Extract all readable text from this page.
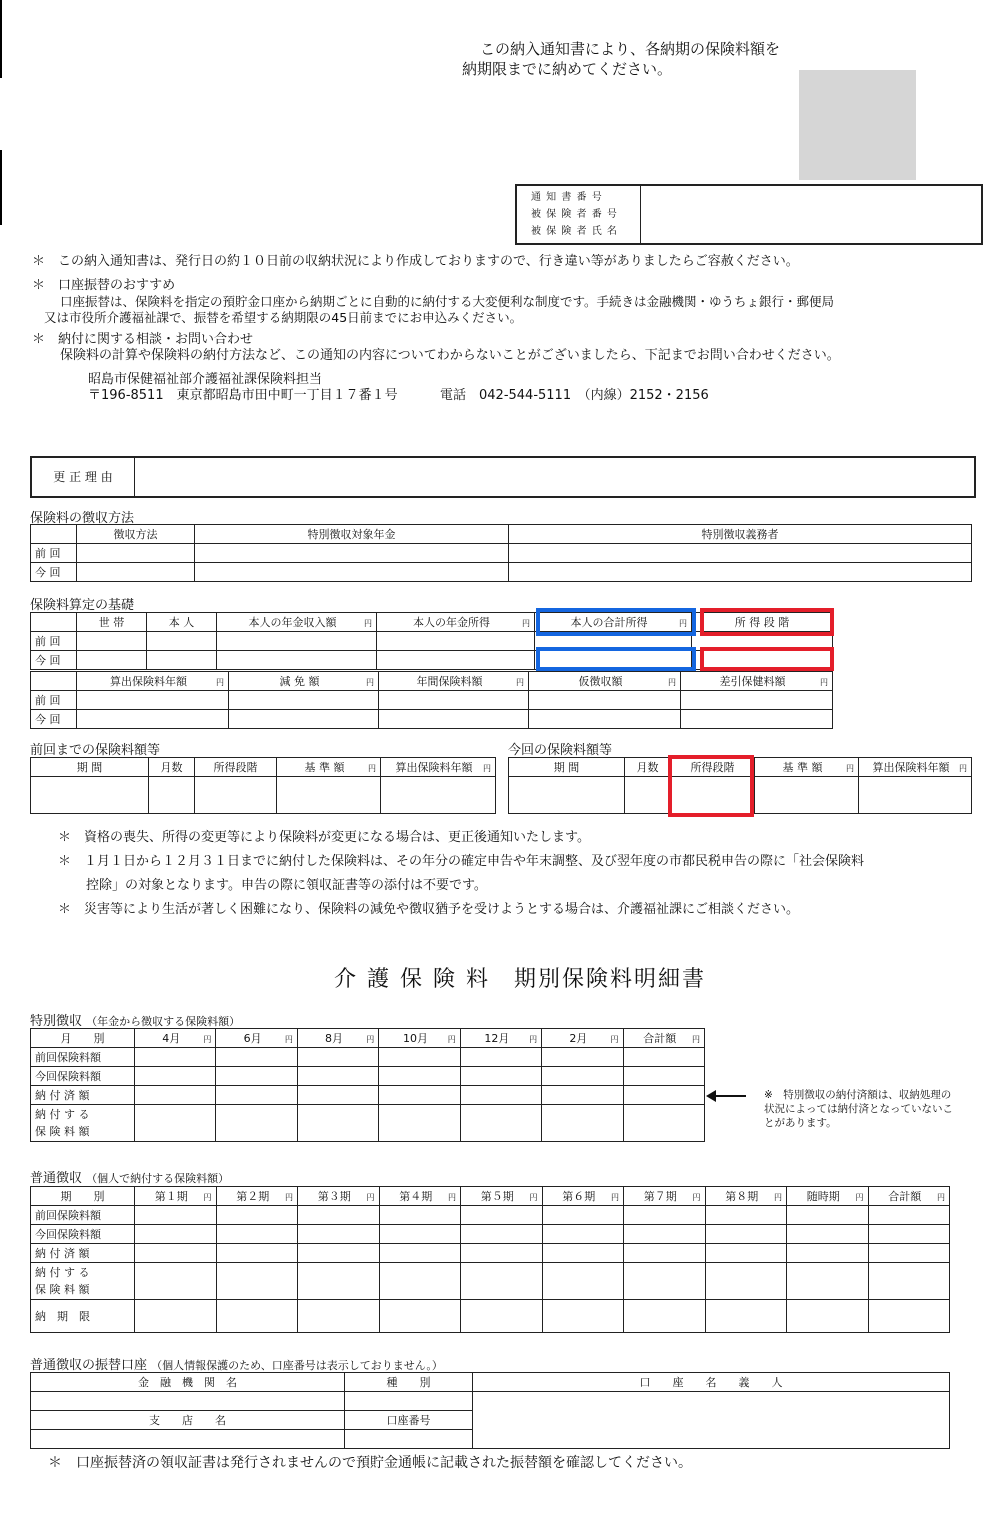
この納入通知書により、各納期の保険料額を
納期限までに納めてください。
通 知 書 番 号
被 保 険 者 番 号
被 保 険 者 氏 名
＊　この納入通知書は、発行日の約１０日前の収納状況により作成しておりますので、行き違い等がありましたらご容赦ください。
＊　口座振替のおすすめ
口座振替は、保険料を指定の預貯金口座から納期ごとに自動的に納付する大変便利な制度です。手続きは金融機関・ゆうちょ銀行・郵便局
又は市役所介護福祉課で、振替を希望する納期限の45日前までにお申込みください。
＊　納付に関する相談・お問い合わせ
保険料の計算や保険料の納付方法など、この通知の内容についてわからないことがございましたら、下記までお問い合わせください。
昭島市保健福祉部介護福祉課保険料担当
〒196-8511　東京都昭島市田中町一丁目１７番１号	電話　042-544-5111　（内線）2152・2156
更 正 理 由
保険料の徴収方法
	徴収方法	特別徴収対象年金	特別徴収義務者
前 回			
今 回			
保険料算定の基礎
	世 帯	本 人	本人の年金収入額 円	本人の年金所得 円	本人の合計所得 円	所 得 段 階
前 回						
今 回						
	算出保険料年額 円	減 免 額 円	年間保険料額 円	仮徴収額 円	差引保健料額 円

前 回					
今 回					
前回までの保険料額等
期 間	月数	所得段階	基 準 額 円	算出保険料年額 円

今回の保険料額等
期 間	月数	所得段階	基 準 額 円	算出保険料年額 円

＊　資格の喪失、所得の変更等により保険料が変更になる場合は、更正後通知いたします。
＊　１月１日から１２月３１日までに納付した保険料は、その年分の確定申告や年末調整、及び翌年度の市都民税申告の際に「社会保険料
控除」の対象となります。申告の際に領収証書等の添付は不要です。
＊　災害等により生活が著しく困難になり、保険料の減免や徴収猶予を受けようとする場合は、介護福祉課にご相談ください。
介 護 保 険 料　期別保険料明細書
特別徴収 （年金から徴収する保険料額）
月　　別	4月 円	6月 円	8月 円	10月 円	12月 円	2月 円	合計額 円

前回保険料額							
今回保険料額							
納 付 済 額							

納 付 す る
保 険 料 額							

※　特別徴収の納付済額は、収納処理の状況によっては納付済となっていないことがあります。
普通徴収 （個人で納付する保険料額）
期　　別	第１期 円	第２期 円	第３期 円	第４期 円	第５期 円	第６期 円	第７期 円	第８期 円	随時期 円	合計額 円

前回保険料額										
今回保険料額										
納 付 済 額										

納 付 す る
保 険 料 額										

納　期　限										
普通徴収の振替口座 （個人情報保護のため、口座番号は表示しておりません。）
金　融　機　関　名	種　　別	口　　座　　名　　義　　人

支　　店　　名	口座番号	

＊　口座振替済の領収証書は発行されませんので預貯金通帳に記載された振替額を確認してください。
